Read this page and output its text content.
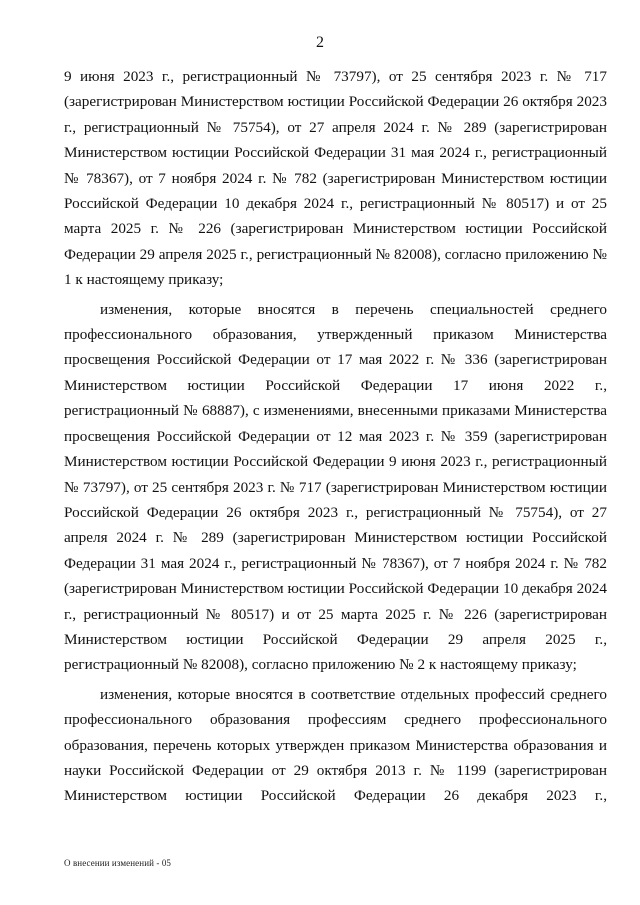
2

9 июня 2023 г., регистрационный № 73797), от 25 сентября 2023 г. № 717 (зарегистрирован Министерством юстиции Российской Федерации 26 октября 2023 г., регистрационный № 75754), от 27 апреля 2024 г. № 289 (зарегистрирован Министерством юстиции Российской Федерации 31 мая 2024 г., регистрационный № 78367), от 7 ноября 2024 г. № 782 (зарегистрирован Министерством юстиции Российской Федерации 10 декабря 2024 г., регистрационный № 80517) и от 25 марта 2025 г. № 226 (зарегистрирован Министерством юстиции Российской Федерации 29 апреля 2025 г., регистрационный № 82008), согласно приложению № 1 к настоящему приказу;

изменения, которые вносятся в перечень специальностей среднего профессионального образования, утвержденный приказом Министерства просвещения Российской Федерации от 17 мая 2022 г. № 336 (зарегистрирован Министерством юстиции Российской Федерации 17 июня 2022 г., регистрационный № 68887), с изменениями, внесенными приказами Министерства просвещения Российской Федерации от 12 мая 2023 г. № 359 (зарегистрирован Министерством юстиции Российской Федерации 9 июня 2023 г., регистрационный № 73797), от 25 сентября 2023 г. № 717 (зарегистрирован Министерством юстиции Российской Федерации 26 октября 2023 г., регистрационный № 75754), от 27 апреля 2024 г. № 289 (зарегистрирован Министерством юстиции Российской Федерации 31 мая 2024 г., регистрационный № 78367), от 7 ноября 2024 г. № 782 (зарегистрирован Министерством юстиции Российской Федерации 10 декабря 2024 г., регистрационный № 80517) и от 25 марта 2025 г. № 226 (зарегистрирован Министерством юстиции Российской Федерации 29 апреля 2025 г., регистрационный № 82008), согласно приложению № 2 к настоящему приказу;

изменения, которые вносятся в соответствие отдельных профессий среднего профессионального образования профессиям среднего профессионального образования, перечень которых утвержден приказом Министерства образования и науки Российской Федерации от 29 октября 2013 г. № 1199 (зарегистрирован Министерством юстиции Российской Федерации 26 декабря 2023 г.,

О внесении изменений - 05
